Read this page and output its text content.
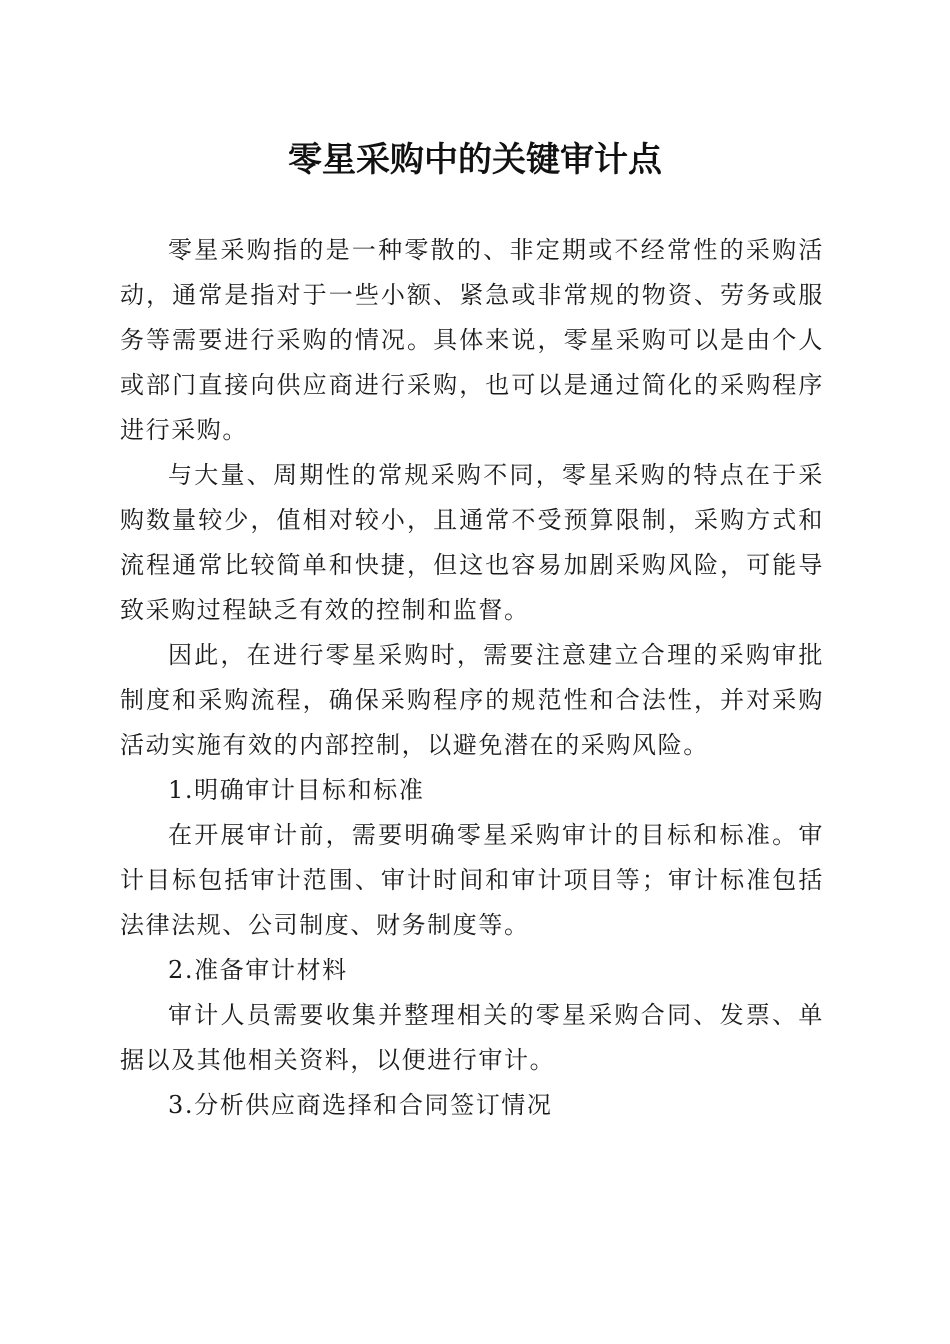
零星采购中的关键审计点

零星采购指的是一种零散的、非定期或不经常性的采购活动，通常是指对于一些小额、紧急或非常规的物资、劳务或服务等需要进行采购的情况。具体来说，零星采购可以是由个人或部门直接向供应商进行采购，也可以是通过简化的采购程序进行采购。

与大量、周期性的常规采购不同，零星采购的特点在于采购数量较少，值相对较小，且通常不受预算限制，采购方式和流程通常比较简单和快捷，但这也容易加剧采购风险，可能导致采购过程缺乏有效的控制和监督。

因此，在进行零星采购时，需要注意建立合理的采购审批制度和采购流程，确保采购程序的规范性和合法性，并对采购活动实施有效的内部控制，以避免潜在的采购风险。

1.明确审计目标和标准

在开展审计前，需要明确零星采购审计的目标和标准。审计目标包括审计范围、审计时间和审计项目等；审计标准包括法律法规、公司制度、财务制度等。

2.准备审计材料

审计人员需要收集并整理相关的零星采购合同、发票、单据以及其他相关资料，以便进行审计。

3.分析供应商选择和合同签订情况
